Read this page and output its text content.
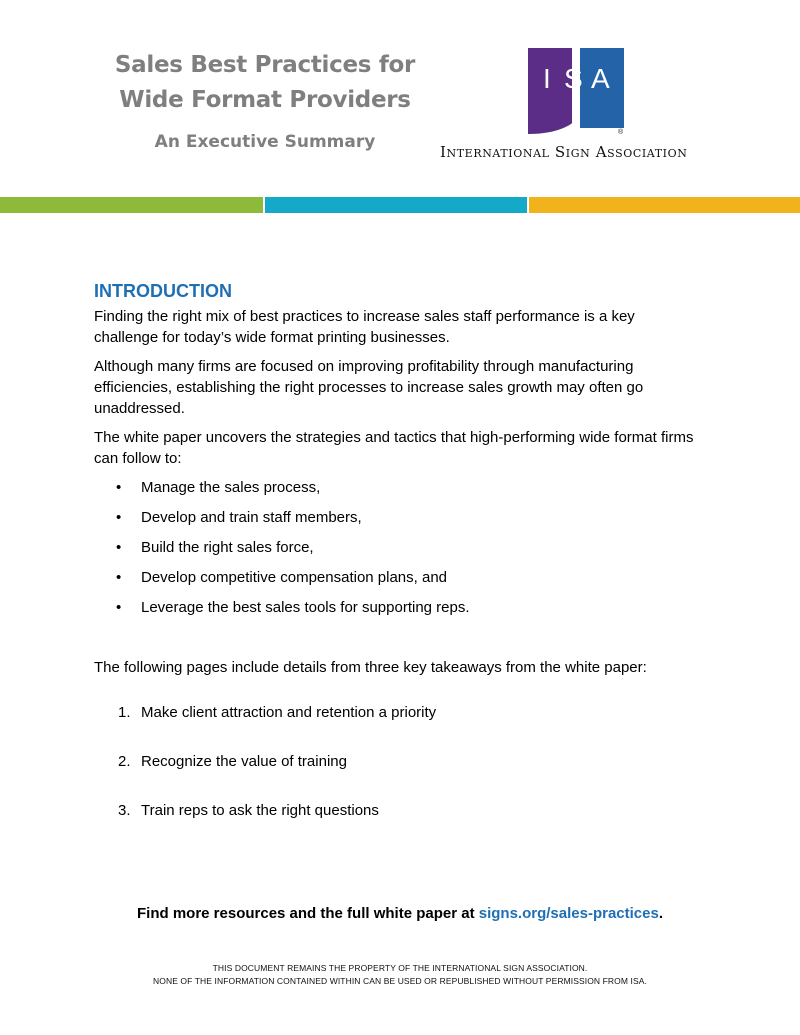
Sales Best Practices for
Wide Format Providers
An Executive Summary
I S A
®
International Sign Association
INTRODUCTION

Finding the right mix of best practices to increase sales staff performance is a key challenge for today’s wide format printing businesses.

Although many firms are focused on improving profitability through manufacturing efficiencies, establishing the right processes to increase sales growth may often go unaddressed.

The white paper uncovers the strategies and tactics that high-performing wide format firms can follow to:

• Manage the sales process,
• Develop and train staff members,
• Build the right sales force,
• Develop competitive compensation plans, and
• Leverage the best sales tools for supporting reps.

The following pages include details from three key takeaways from the white paper:

1. Make client attraction and retention a priority
2. Recognize the value of training
3. Train reps to ask the right questions
Find more resources and the full white paper at signs.org/sales-practices.
THIS DOCUMENT REMAINS THE PROPERTY OF THE INTERNATIONAL SIGN ASSOCIATION.
NONE OF THE INFORMATION CONTAINED WITHIN CAN BE USED OR REPUBLISHED WITHOUT PERMISSION FROM ISA.
